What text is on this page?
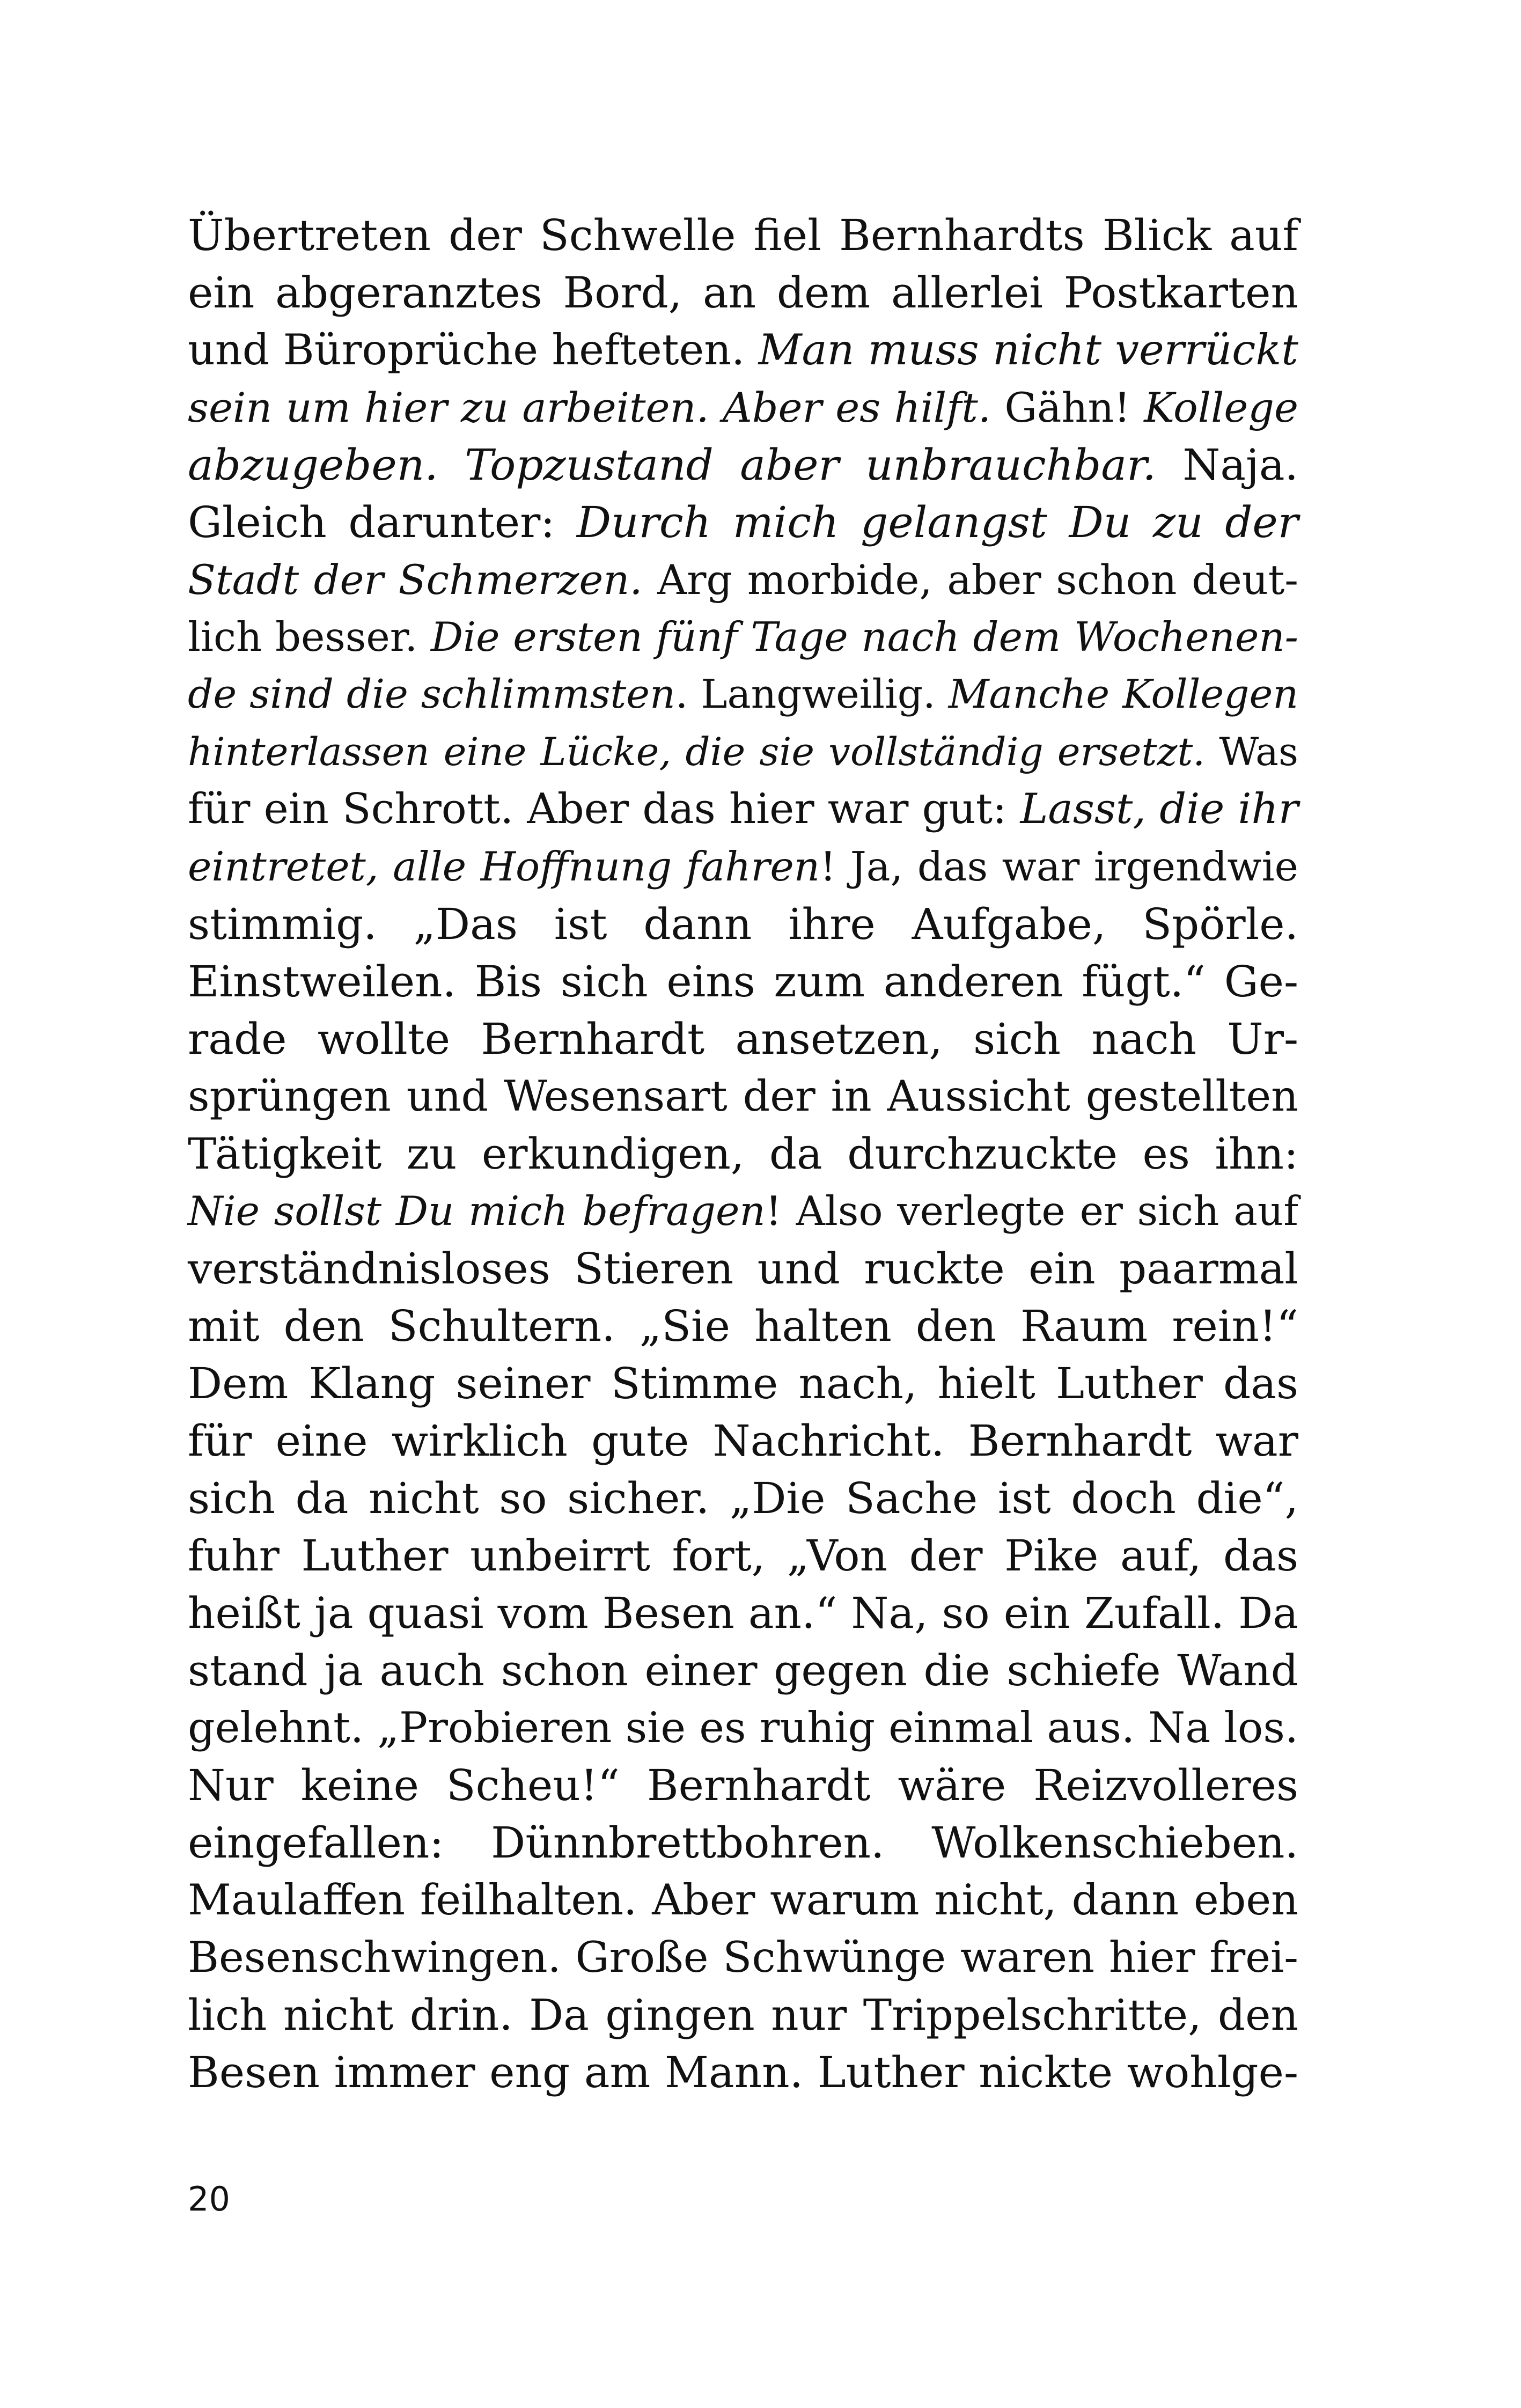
Übertreten der Schwelle fiel Bernhardts Blick auf
ein abgeranztes Bord, an dem allerlei Postkarten
und Büroprüche hefteten. Man muss nicht verrückt
sein um hier zu arbeiten. Aber es hilft. Gähn! Kollege
abzugeben. Topzustand aber unbrauchbar. Naja.
Gleich darunter: Durch mich gelangst Du zu der
Stadt der Schmerzen. Arg morbide, aber schon deut-
lich besser. Die ersten fünf Tage nach dem Wochenen-
de sind die schlimmsten. Langweilig. Manche Kollegen
hinterlassen eine Lücke, die sie vollständig ersetzt. Was
für ein Schrott. Aber das hier war gut: Lasst, die ihr
eintretet, alle Hoffnung fahren! Ja, das war irgendwie
stimmig. „Das ist dann ihre Aufgabe, Spörle.
Einstweilen. Bis sich eins zum anderen fügt.“ Ge-
rade wollte Bernhardt ansetzen, sich nach Ur-
sprüngen und Wesensart der in Aussicht gestellten
Tätigkeit zu erkundigen, da durchzuckte es ihn:
Nie sollst Du mich befragen! Also verlegte er sich auf
verständnisloses Stieren und ruckte ein paarmal
mit den Schultern. „Sie halten den Raum rein!“
Dem Klang seiner Stimme nach, hielt Luther das
für eine wirklich gute Nachricht. Bernhardt war
sich da nicht so sicher. „Die Sache ist doch die“,
fuhr Luther unbeirrt fort, „Von der Pike auf, das
heißt ja quasi vom Besen an.“ Na, so ein Zufall. Da
stand ja auch schon einer gegen die schiefe Wand
gelehnt. „Probieren sie es ruhig einmal aus. Na los.
Nur keine Scheu!“ Bernhardt wäre Reizvolleres
eingefallen: Dünnbrettbohren. Wolkenschieben.
Maulaffen feilhalten. Aber warum nicht, dann eben
Besenschwingen. Große Schwünge waren hier frei-
lich nicht drin. Da gingen nur Trippelschritte, den
Besen immer eng am Mann. Luther nickte wohlge-
20
